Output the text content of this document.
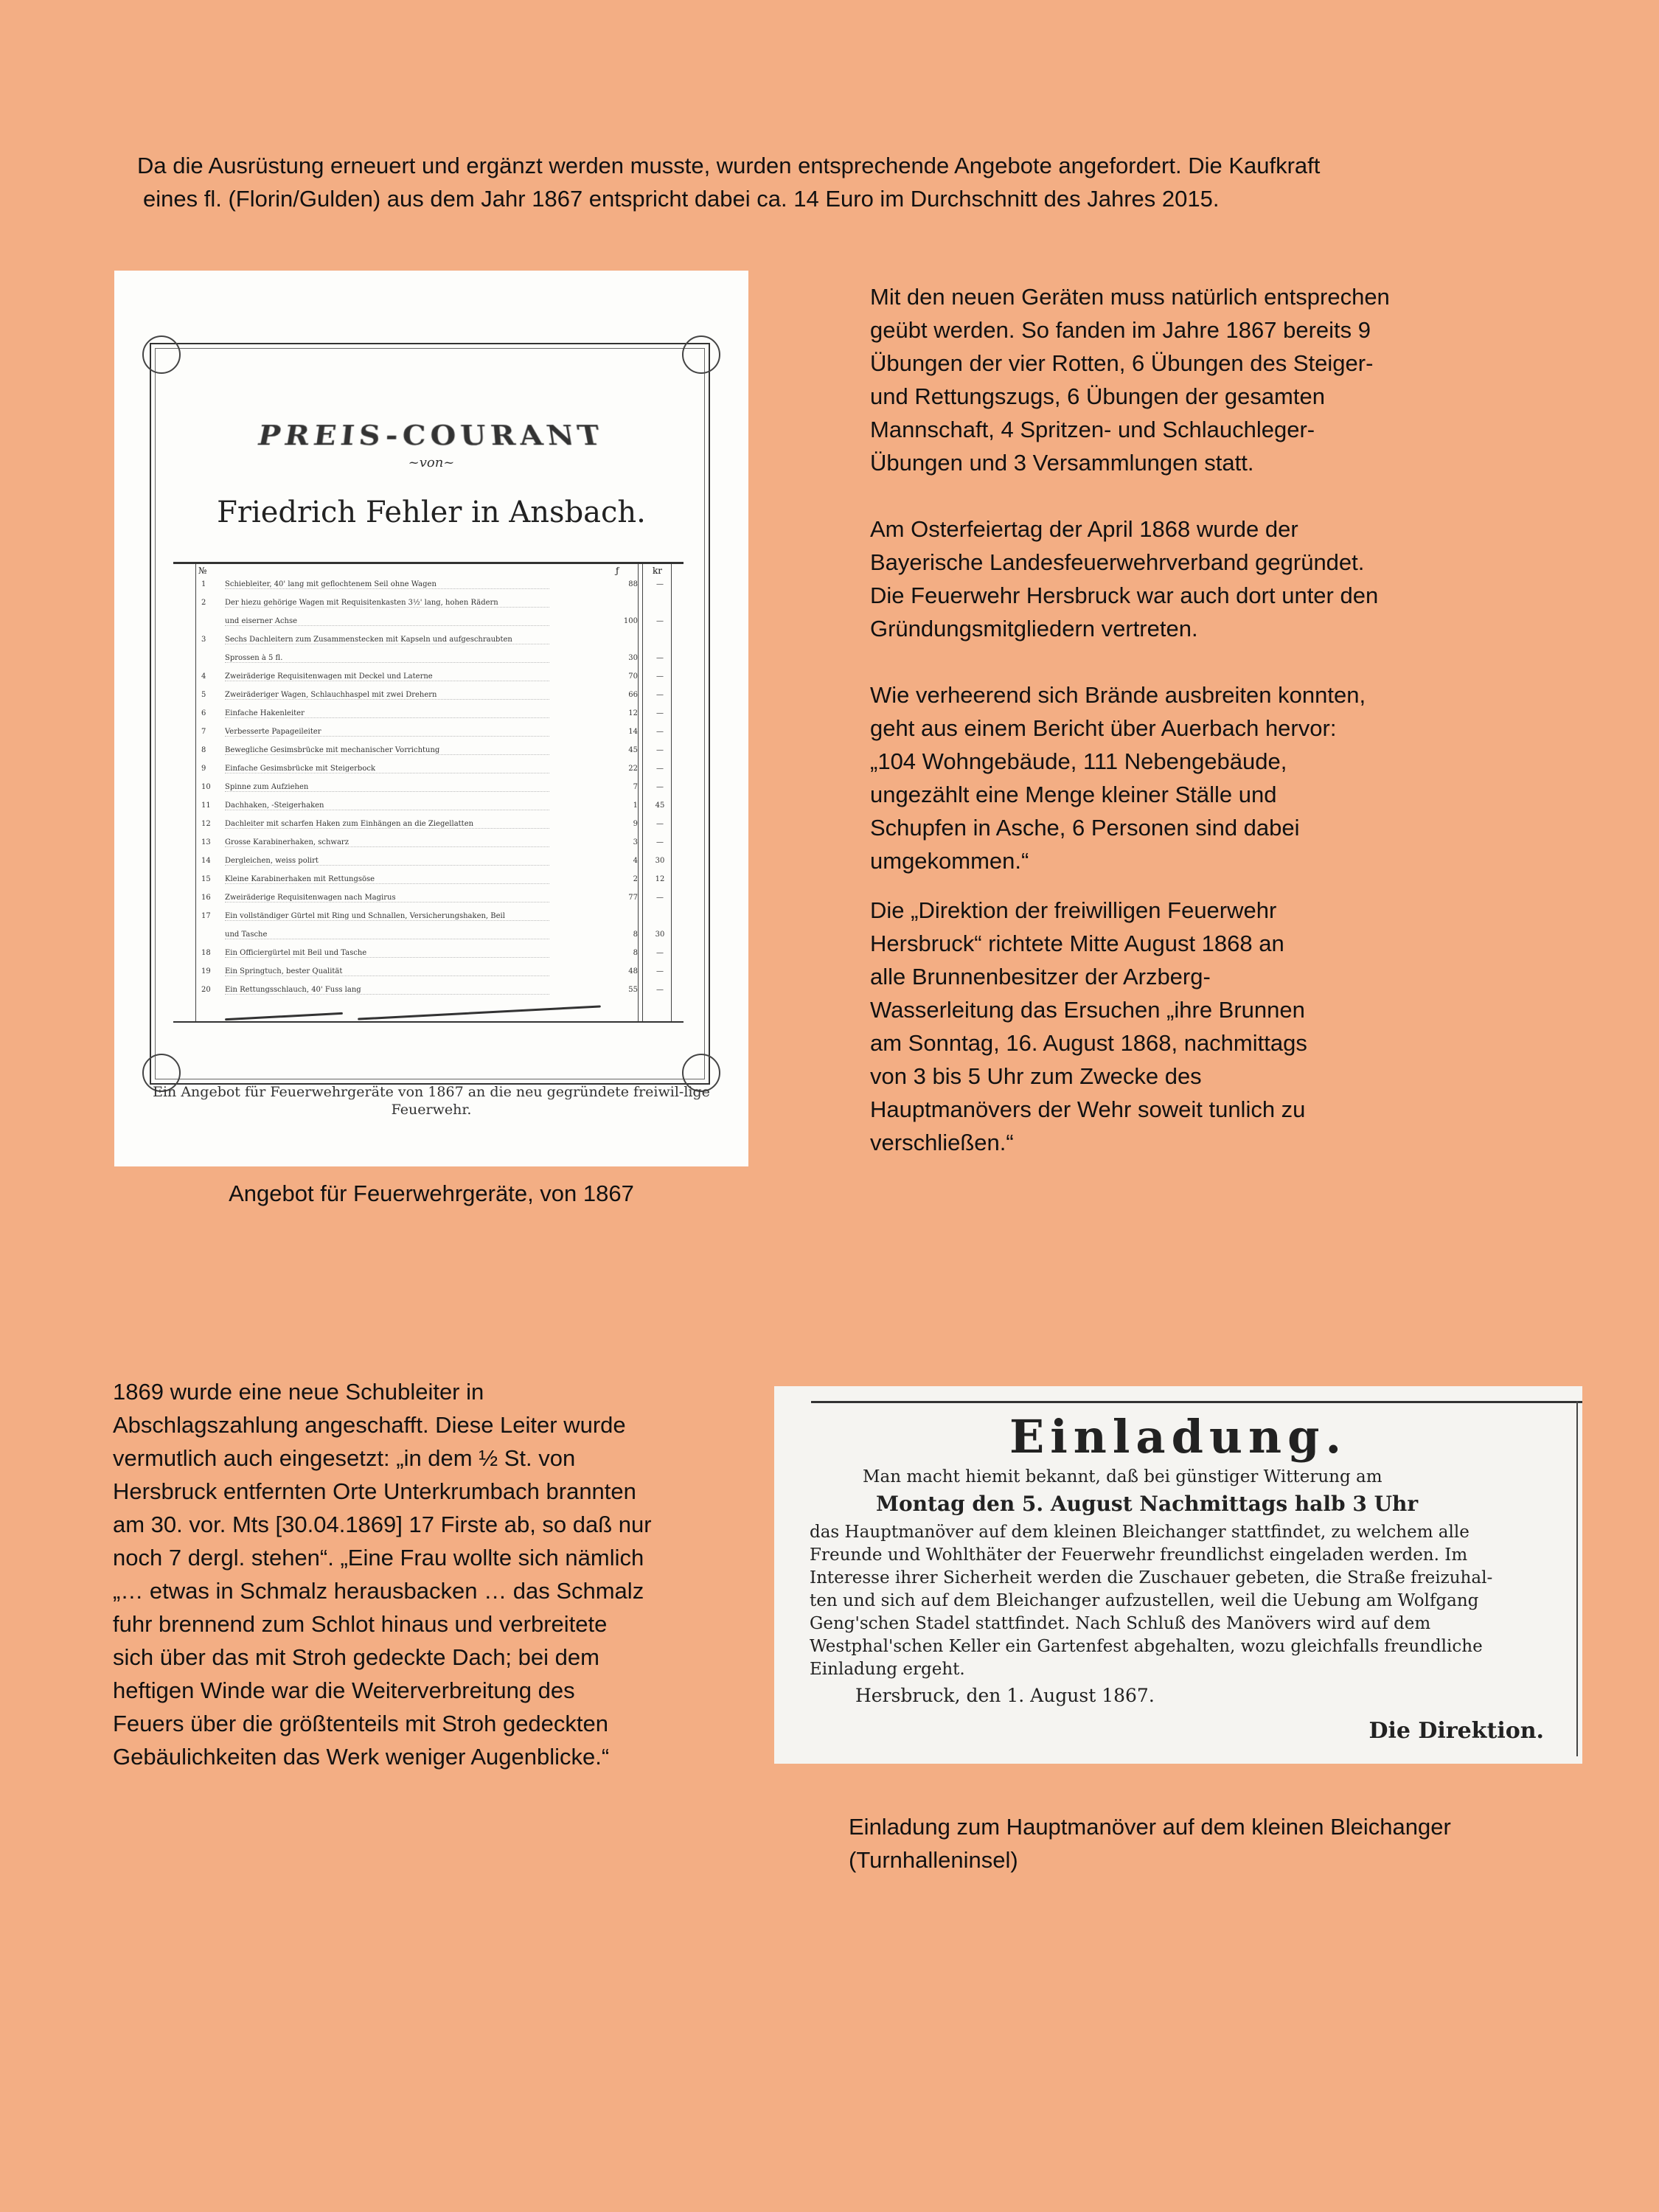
Da die Ausrüstung erneuert und ergänzt werden musste, wurden entsprechende Angebote angefordert. Die Kaufkraft
eines fl. (Florin/Gulden) aus dem Jahr 1867 entspricht dabei ca. 14 Euro im Durchschnitt des Jahres 2015.
PREIS-COURANT
~von~
Friedrich Fehler in Ansbach.
№	ƒ	kr
1	Schiebleiter, 40' lang mit geflochtenem Seil ohne Wagen	88	—
2	Der hiezu gehörige Wagen mit Requisitenkasten 3½' lang, hohen Rädern
und eiserner Achse	100	—
3	Sechs Dachleitern zum Zusammenstecken mit Kapseln und aufgeschraubten
Sprossen à 5 fl.	30	—
4	Zweiräderige Requisitenwagen mit Deckel und Laterne	70	—
5	Zweiräderiger Wagen, Schlauchhaspel mit zwei Drehern	66	—
6	Einfache Hakenleiter	12	—
7	Verbesserte Papageileiter	14	—
8	Bewegliche Gesimsbrücke mit mechanischer Vorrichtung	45	—
9	Einfache Gesimsbrücke mit Steigerbock	22	—
10	Spinne zum Aufziehen	7	—
11	Dachhaken, -Steigerhaken	1	45
12	Dachleiter mit scharfen Haken zum Einhängen an die Ziegellatten	9	—
13	Grosse Karabinerhaken, schwarz	3	—
14	Dergleichen, weiss polirt	4	30
15	Kleine Karabinerhaken mit Rettungsöse	2	12
16	Zweiräderige Requisitenwagen nach Magirus	77	—
17	Ein vollständiger Gürtel mit Ring und Schnallen, Versicherungshaken, Beil
und Tasche	8	30
18	Ein Officiergürtel mit Beil und Tasche	8	—
19	Ein Springtuch, bester Qualität	48	—
20	Ein Rettungsschlauch, 40' Fuss lang	55	—
Ein Angebot für Feuerwehrgeräte von 1867 an die neu gegründete freiwil-lige Feuerwehr.
Angebot für Feuerwehrgeräte, von 1867

Mit den neuen Geräten muss natürlich entsprechen
geübt werden. So fanden im Jahre 1867 bereits 9
Übungen der vier Rotten, 6 Übungen des Steiger-
und Rettungszugs, 6 Übungen der gesamten
Mannschaft, 4 Spritzen- und Schlauchleger-
Übungen und 3 Versammlungen statt.

Am Osterfeiertag der April 1868 wurde der
Bayerische Landesfeuerwehrverband gegründet.
Die Feuerwehr Hersbruck war auch dort unter den
Gründungsmitgliedern vertreten.

Wie verheerend sich Brände ausbreiten konnten,
geht aus einem Bericht über Auerbach hervor:
„104 Wohngebäude, 111 Nebengebäude,
ungezählt eine Menge kleiner Ställe und
Schupfen in Asche, 6 Personen sind dabei
umgekommen.“

Die „Direktion der freiwilligen Feuerwehr
Hersbruck“ richtete Mitte August 1868 an
alle Brunnenbesitzer der Arzberg-
Wasserleitung das Ersuchen „ihre Brunnen
am Sonntag, 16. August 1868, nachmittags
von 3 bis 5 Uhr zum Zwecke des
Hauptmanövers der Wehr soweit tunlich zu
verschließen.“

1869 wurde eine neue Schubleiter in
Abschlagszahlung angeschafft. Diese Leiter wurde
vermutlich auch eingesetzt: „in dem ½ St. von
Hersbruck entfernten Orte Unterkrumbach brannten
am 30. vor. Mts [30.04.1869] 17 Firste ab, so daß nur
noch 7 dergl. stehen“. „Eine Frau wollte sich nämlich
„… etwas in Schmalz herausbacken … das Schmalz
fuhr brennend zum Schlot hinaus und verbreitete
sich über das mit Stroh gedeckte Dach; bei dem
heftigen Winde war die Weiterverbreitung des
Feuers über die größtenteils mit Stroh gedeckten
Gebäulichkeiten das Werk weniger Augenblicke.“
Einladung.
Man macht hiemit bekannt, daß bei günstiger Witterung am
Montag den 5. August Nachmittags halb 3 Uhr
das Hauptmanöver auf dem kleinen Bleichanger stattfindet, zu welchem alle
Freunde und Wohlthäter der Feuerwehr freundlichst eingeladen werden. Im
Interesse ihrer Sicherheit werden die Zuschauer gebeten, die Straße freizuhal-
ten und sich auf dem Bleichanger aufzustellen, weil die Uebung am Wolfgang
Geng'schen Stadel stattfindet. Nach Schluß des Manövers wird auf dem
Westphal'schen Keller ein Gartenfest abgehalten, wozu gleichfalls freundliche
Einladung ergeht.
Hersbruck, den 1. August 1867.
Die Direktion.
Einladung zum Hauptmanöver auf dem kleinen Bleichanger
(Turnhalleninsel)
